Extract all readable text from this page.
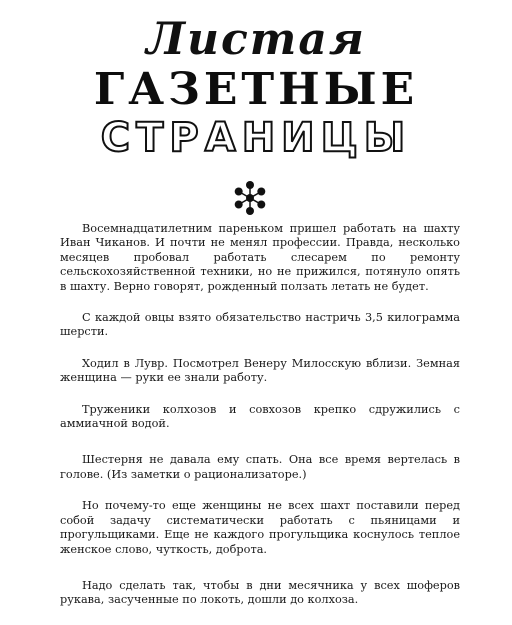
Листая
ГАЗЕТНЫЕ
СТРАНИЦЫ

Восемнадцатилетним пареньком пришел работать на шахту Иван Чиканов. И почти не менял профессии. Правда, несколько месяцев пробовал работать слесарем по ремонту сельскохозяйственной техники, но не прижился, потянуло опять в шахту. Верно говорят, рожденный ползать летать не будет.

С каждой овцы взято обязательство настричь 3,5 килограмма шерсти.

Ходил в Лувр. Посмотрел Венеру Милосскую вблизи. Земная женщина — руки ее знали работу.

Труженики колхозов и совхозов крепко сдружились с аммиачной водой.

Шестерня не давала ему спать. Она все время вертелась в голове. (Из заметки о рационализаторе.)

Но почему-то еще женщины не всех шахт поставили перед собой задачу систематически работать с пьяницами и прогульщиками. Еще не каждого прогульщика коснулось теплое женское слово, чуткость, доброта.

Надо сделать так, чтобы в дни месячника у всех шоферов рукава, засученные по локоть, дошли до колхоза.
